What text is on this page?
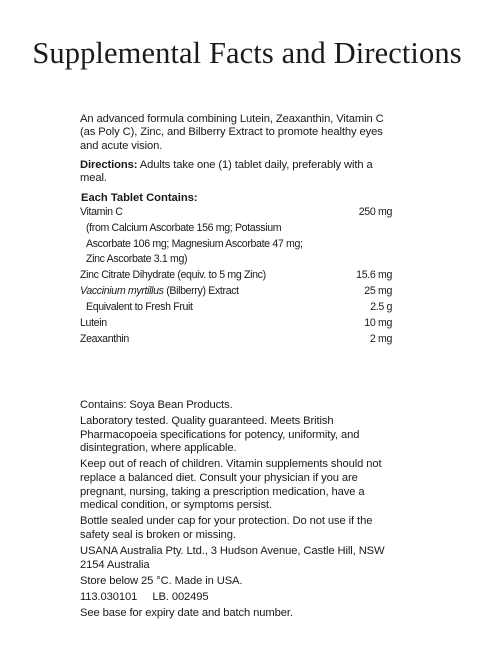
Supplemental Facts and Directions
An advanced formula combining Lutein, Zeaxanthin, Vitamin C (as Poly C), Zinc, and Bilberry Extract to promote healthy eyes and acute vision.
Directions: Adults take one (1) tablet daily, preferably with a meal.
Each Tablet Contains:
Vitamin C	250 mg
(from Calcium Ascorbate 156 mg; Potassium
Ascorbate 106 mg; Magnesium Ascorbate 47 mg;
Zinc Ascorbate 3.1 mg)
Zinc Citrate Dihydrate (equiv. to 5 mg Zinc)	15.6 mg
Vaccinium myrtillus (Bilberry) Extract	25 mg
Equivalent to Fresh Fruit	2.5 g
Lutein	10 mg
Zeaxanthin	2 mg

Contains: Soya Bean Products.

Laboratory tested. Quality guaranteed. Meets British Pharmacopoeia specifications for potency, uniformity, and disintegration, where applicable.

Keep out of reach of children. Vitamin supplements should not replace a balanced diet. Consult your physician if you are pregnant, nursing, taking a prescription medication, have a medical condition, or symptoms persist.

Bottle sealed under cap for your protection. Do not use if the safety seal is broken or missing.

USANA Australia Pty. Ltd., 3 Hudson Avenue, Castle Hill, NSW 2154 Australia

Store below 25 °C. Made in USA.

113.030101     LB. 002495

See base for expiry date and batch number.
